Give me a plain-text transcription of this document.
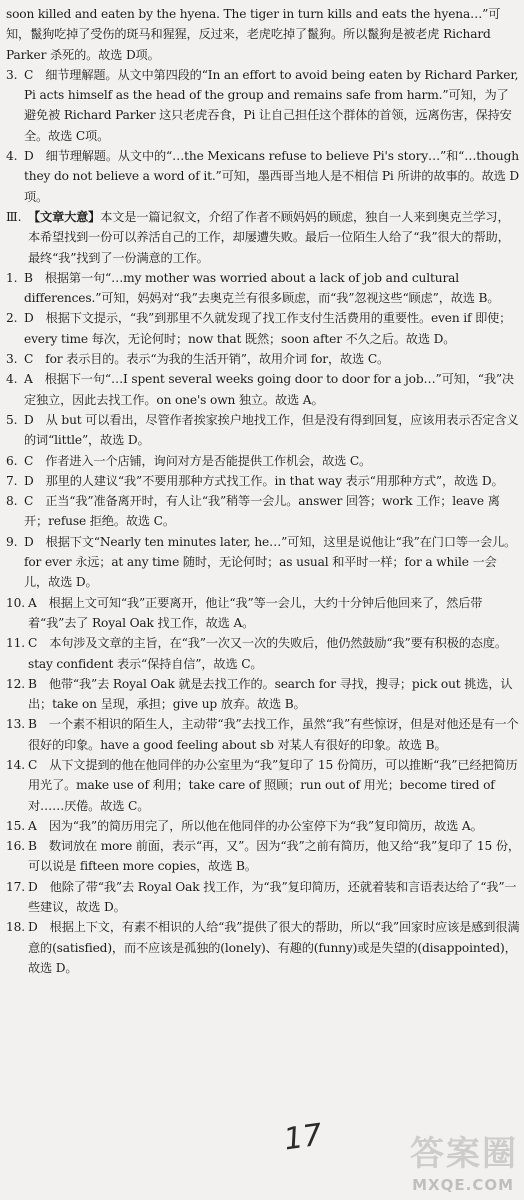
soon killed and eaten by the hyena. The tiger in turn kills and eats the hyena…”可知，鬣狗吃掉了受伤的斑马和猩猩，反过来，老虎吃掉了鬣狗。所以鬣狗是被老虎 Richard Parker 杀死的。故选 D项。

3. C　细节理解题。从文中第四段的“In an effort to avoid being eaten by Richard Parker, Pi acts himself as the head of the group and remains safe from harm.”可知，为了避免被 Richard Parker 这只老虎吞食，Pi 让自己担任这个群体的首领，远离伤害，保持安全。故选 C项。
4. D　细节理解题。从文中的“…the Mexicans refuse to believe Pi's story…”和“…though they do not believe a word of it.”可知，墨西哥当地人是不相信 Pi 所讲的故事的。故选 D项。
Ⅲ. 【文章大意】本文是一篇记叙文，介绍了作者不顾妈妈的顾虑，独自一人来到奥克兰学习，本希望找到一份可以养活自己的工作，却屡遭失败。最后一位陌生人给了“我”很大的帮助，最终“我”找到了一份满意的工作。
1. B　根据第一句“…my mother was worried about a lack of job and cultural differences.”可知，妈妈对“我”去奥克兰有很多顾虑，而“我”忽视这些“顾虑”，故选 B。
2. D　根据下文提示，“我”到那里不久就发现了找工作支付生活费用的重要性。even if 即使；every time 每次，无论何时；now that 既然；soon after 不久之后。故选 D。
3. C　for 表示目的。表示“为我的生活开销”，故用介词 for，故选 C。
4. A　根据下一句“…I spent several weeks going door to door for a job…”可知，“我”决定独立，因此去找工作。on one's own 独立。故选 A。
5. D　从 but 可以看出，尽管作者挨家挨户地找工作，但是没有得到回复，应该用表示否定含义的词“little”，故选 D。
6. C　作者进入一个店铺，询问对方是否能提供工作机会，故选 C。
7. D　那里的人建议“我”不要用那种方式找工作。in that way 表示“用那种方式”，故选 D。
8. C　正当“我”准备离开时，有人让“我”稍等一会儿。answer 回答；work 工作；leave 离开；refuse 拒绝。故选 C。
9. D　根据下文“Nearly ten minutes later, he…”可知，这里是说他让“我”在门口等一会儿。for ever 永远；at any time 随时，无论何时；as usual 和平时一样；for a while 一会儿，故选 D。
10. A　根据上文可知“我”正要离开，他让“我”等一会儿，大约十分钟后他回来了，然后带着“我”去了 Royal Oak 找工作，故选 A。
11. C　本句涉及文章的主旨，在“我”一次又一次的失败后，他仍然鼓励“我”要有积极的态度。stay confident 表示“保持自信”，故选 C。
12. B　他带“我”去 Royal Oak 就是去找工作的。search for 寻找，搜寻；pick out 挑选，认出；take on 呈现，承担；give up 放弃。故选 B。
13. B　一个素不相识的陌生人，主动带“我”去找工作，虽然“我”有些惊讶，但是对他还是有一个很好的印象。have a good feeling about sb 对某人有很好的印象。故选 B。
14. C　从下文提到的他在他同伴的办公室里为“我”复印了 15 份简历，可以推断“我”已经把简历用光了。make use of 利用；take care of 照顾；run out of 用光；become tired of 对……厌倦。故选 C。
15. A　因为“我”的简历用完了，所以他在他同伴的办公室停下为“我”复印简历，故选 A。
16. B　数词放在 more 前面，表示“再，又”。因为“我”之前有简历，他又给“我”复印了 15 份，可以说是 fifteen more copies，故选 B。
17. D　他除了带“我”去 Royal Oak 找工作，为“我”复印简历，还就着装和言语表达给了“我”一些建议，故选 D。
18. D　根据上下文，有素不相识的人给“我”提供了很大的帮助，所以“我”回家时应该是感到很满意的(satisfied)，而不应该是孤独的(lonely)、有趣的(funny)或是失望的(disappointed)，故选 D。
17	答案圈
MXQE.COM
